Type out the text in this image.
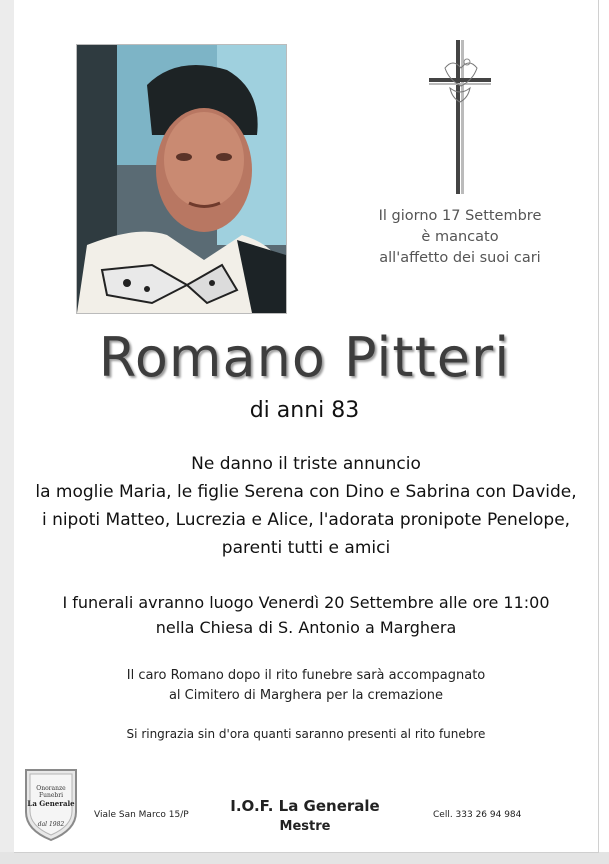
Il giorno 17 Settembre
è mancato
all'affetto dei suoi cari
Romano Pitteri
di anni 83
Ne danno il triste annuncio
la moglie Maria, le figlie Serena con Dino e Sabrina con Davide,
i nipoti Matteo, Lucrezia e Alice, l'adorata pronipote Penelope,
parenti tutti e amici
I funerali avranno luogo Venerdì 20 Settembre alle ore 11:00
nella Chiesa di S. Antonio a Marghera
Il caro Romano dopo il rito funebre sarà accompagnato
al Cimitero di Marghera per la cremazione
Si ringrazia sin d'ora quanti saranno presenti al rito funebre
Onoranze
Funebri
La Generale
dal 1982
Viale San Marco 15/P	I.O.F. La Generale
Mestre
Cell. 333 26 94 984
